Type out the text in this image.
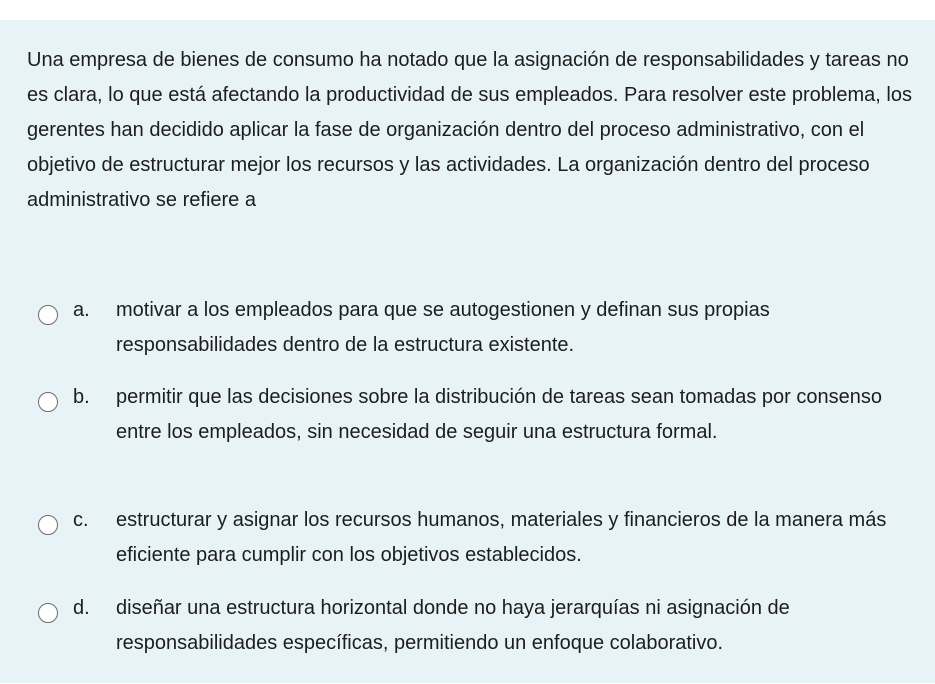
Una empresa de bienes de consumo ha notado que la asignación de responsabilidades y tareas no es clara, lo que está afectando la productividad de sus empleados. Para resolver este problema, los gerentes han decidido aplicar la fase de organización dentro del proceso administrativo, con el objetivo de estructurar mejor los recursos y las actividades. La organización dentro del proceso administrativo se refiere a

a. motivar a los empleados para que se autogestionen y definan sus propias responsabilidades dentro de la estructura existente.
b. permitir que las decisiones sobre la distribución de tareas sean tomadas por consenso entre los empleados, sin necesidad de seguir una estructura formal.
c. estructurar y asignar los recursos humanos, materiales y financieros de la manera más eficiente para cumplir con los objetivos establecidos.
d. diseñar una estructura horizontal donde no haya jerarquías ni asignación de responsabilidades específicas, permitiendo un enfoque colaborativo.
